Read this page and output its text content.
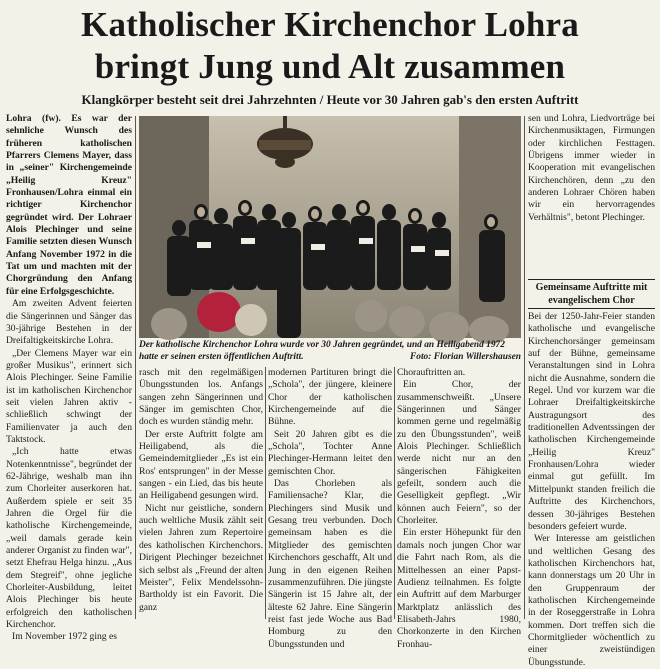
Katholischer Kirchenchor Lohra
bringt Jung und Alt zusammen
Klangkörper besteht seit drei Jahrzehnten / Heute vor 30 Jahren gab's den ersten Auftritt

Lohra (fw). Es war der sehnliche Wunsch des früheren katholischen Pfarrers Clemens Mayer, dass in „seiner" Kirchengemeinde „Heilig Kreuz" Fronhausen/Lohra einmal ein richtiger Kirchenchor gegründet wird. Der Lohraer Alois Plechinger und seine Familie setzten diesen Wunsch Anfang November 1972 in die Tat um und machten mit der Chorgründung den Anfang für eine Erfolgsgeschichte.

Am zweiten Advent feierten die Sängerinnen und Sänger das 30-jährige Bestehen in der Dreifaltigkeitskirche Lohra.

„Der Clemens Mayer war ein großer Musikus", erinnert sich Alois Plechinger. Seine Familie ist im katholischen Kirchenchor seit vielen Jahren aktiv - schließlich schwingt der Familienvater ja auch den Taktstock.

„Ich hatte etwas Notenkenntnisse", begründet der 62-Jährige, weshalb man ihn zum Chorleiter auserkoren hat. Außerdem spiele er seit 35 Jahren die Orgel für die katholische Kirchengemeinde, „weil damals gerade kein anderer Organist zu finden war", setzt Ehefrau Helga hinzu. „Aus dem Stegreif", ohne jegliche Chorleiter-Ausbildung, leitet Alois Plechinger bis heute erfolgreich den katholischen Kirchenchor.

Im November 1972 ging es

Der katholische Kirchenchor Lohra wurde vor 30 Jahren gegründet, und an Heiligabend 1972 hatte er seinen ersten öffentlichen Auftritt.	Foto: Florian Willershausen

rasch mit den regelmäßigen Übungsstunden los. Anfangs sangen zehn Sängerinnen und Sänger im gemischten Chor, doch es wurden ständig mehr.

Der erste Auftritt folgte am Heiligabend, als die Gemeindemitglieder „Es ist ein Ros' entsprungen" in der Messe sangen - ein Lied, das bis heute an Heiligabend gesungen wird.

Nicht nur geistliche, sondern auch weltliche Musik zählt seit vielen Jahren zum Repertoire des katholischen Kirchenchors. Dirigent Plechinger bezeichnet sich selbst als „Freund der alten Meister", Felix Mendelssohn-Bartholdy ist ein Favorit. Die ganz

modernen Partituren bringt die „Schola", der jüngere, kleinere Chor der katholischen Kirchengemeinde auf die Bühne.

Seit 20 Jahren gibt es die „Schola", Tochter Anne Plechinger-Hermann leitet den gemischten Chor.

Das Chorleben als Familiensache? Klar, die Plechingers sind Musik und Gesang treu verbunden. Doch gemeinsam haben es die Mitglieder des gemischten Kirchenchors geschafft, Alt und Jung in den eigenen Reihen zusammenzuführen. Die jüngste Sängerin ist 15 Jahre alt, der älteste 62 Jahre. Eine Sängerin reist fast jede Woche aus Bad Homburg zu den Übungsstunden und

Chorauftritten an.

Ein Chor, der zusammenschweißt. „Unsere Sängerinnen und Sänger kommen gerne und regelmäßig zu den Übungsstunden", weiß Alois Plechinger. Schließlich werde nicht nur an den sängerischen Fähigkeiten gefeilt, sondern auch die Geselligkeit gepflegt. „Wir können auch Feiern", so der Chorleiter.

Ein erster Höhepunkt für den damals noch jungen Chor war die Fahrt nach Rom, als die Mittelhessen an einer Papst-Audienz teilnahmen. Es folgte ein Auftritt auf dem Marburger Marktplatz anlässlich des Elisabeth-Jahrs 1980, Chorkonzerte in den Kirchen Fronhau-

sen und Lohra, Liedvorträge bei Kirchenmusiktagen, Firmungen oder kirchlichen Festtagen. Übrigens immer wieder in Kooperation mit evangelischen Kirchenchören, denn „zu den anderen Lohraer Chören haben wir ein hervorragendes Verhältnis", betont Plechinger.

Gemeinsame Auftritte mit evangelischem Chor

Bei der 1250-Jahr-Feier standen katholische und evangelische Kirchenchorsänger gemeinsam auf der Bühne, gemeinsame Veranstaltungen sind in Lohra nicht die Ausnahme, sondern die Regel. Und vor kurzem war die Lohraer Dreifaltigkeitskirche Austragungsort des traditionellen Adventssingen der katholischen Kirchengemeinde „Heilig Kreuz" Fronhausen/Lohra wieder einmal gut gefüllt. Im Mittelpunkt standen freilich die Auftritte des Kirchenchors, dessen 30-jähriges Bestehen besonders gefeiert wurde.

Wer Interesse am geistlichen und weltlichen Gesang des katholischen Kirchenchors hat, kann donnerstags um 20 Uhr in den Gruppenraum der katholischen Kirchengemeinde in der Roseggerstraße in Lohra kommen. Dort treffen sich die Chormitglieder wöchentlich zu einer zweistündigen Übungsstunde.
